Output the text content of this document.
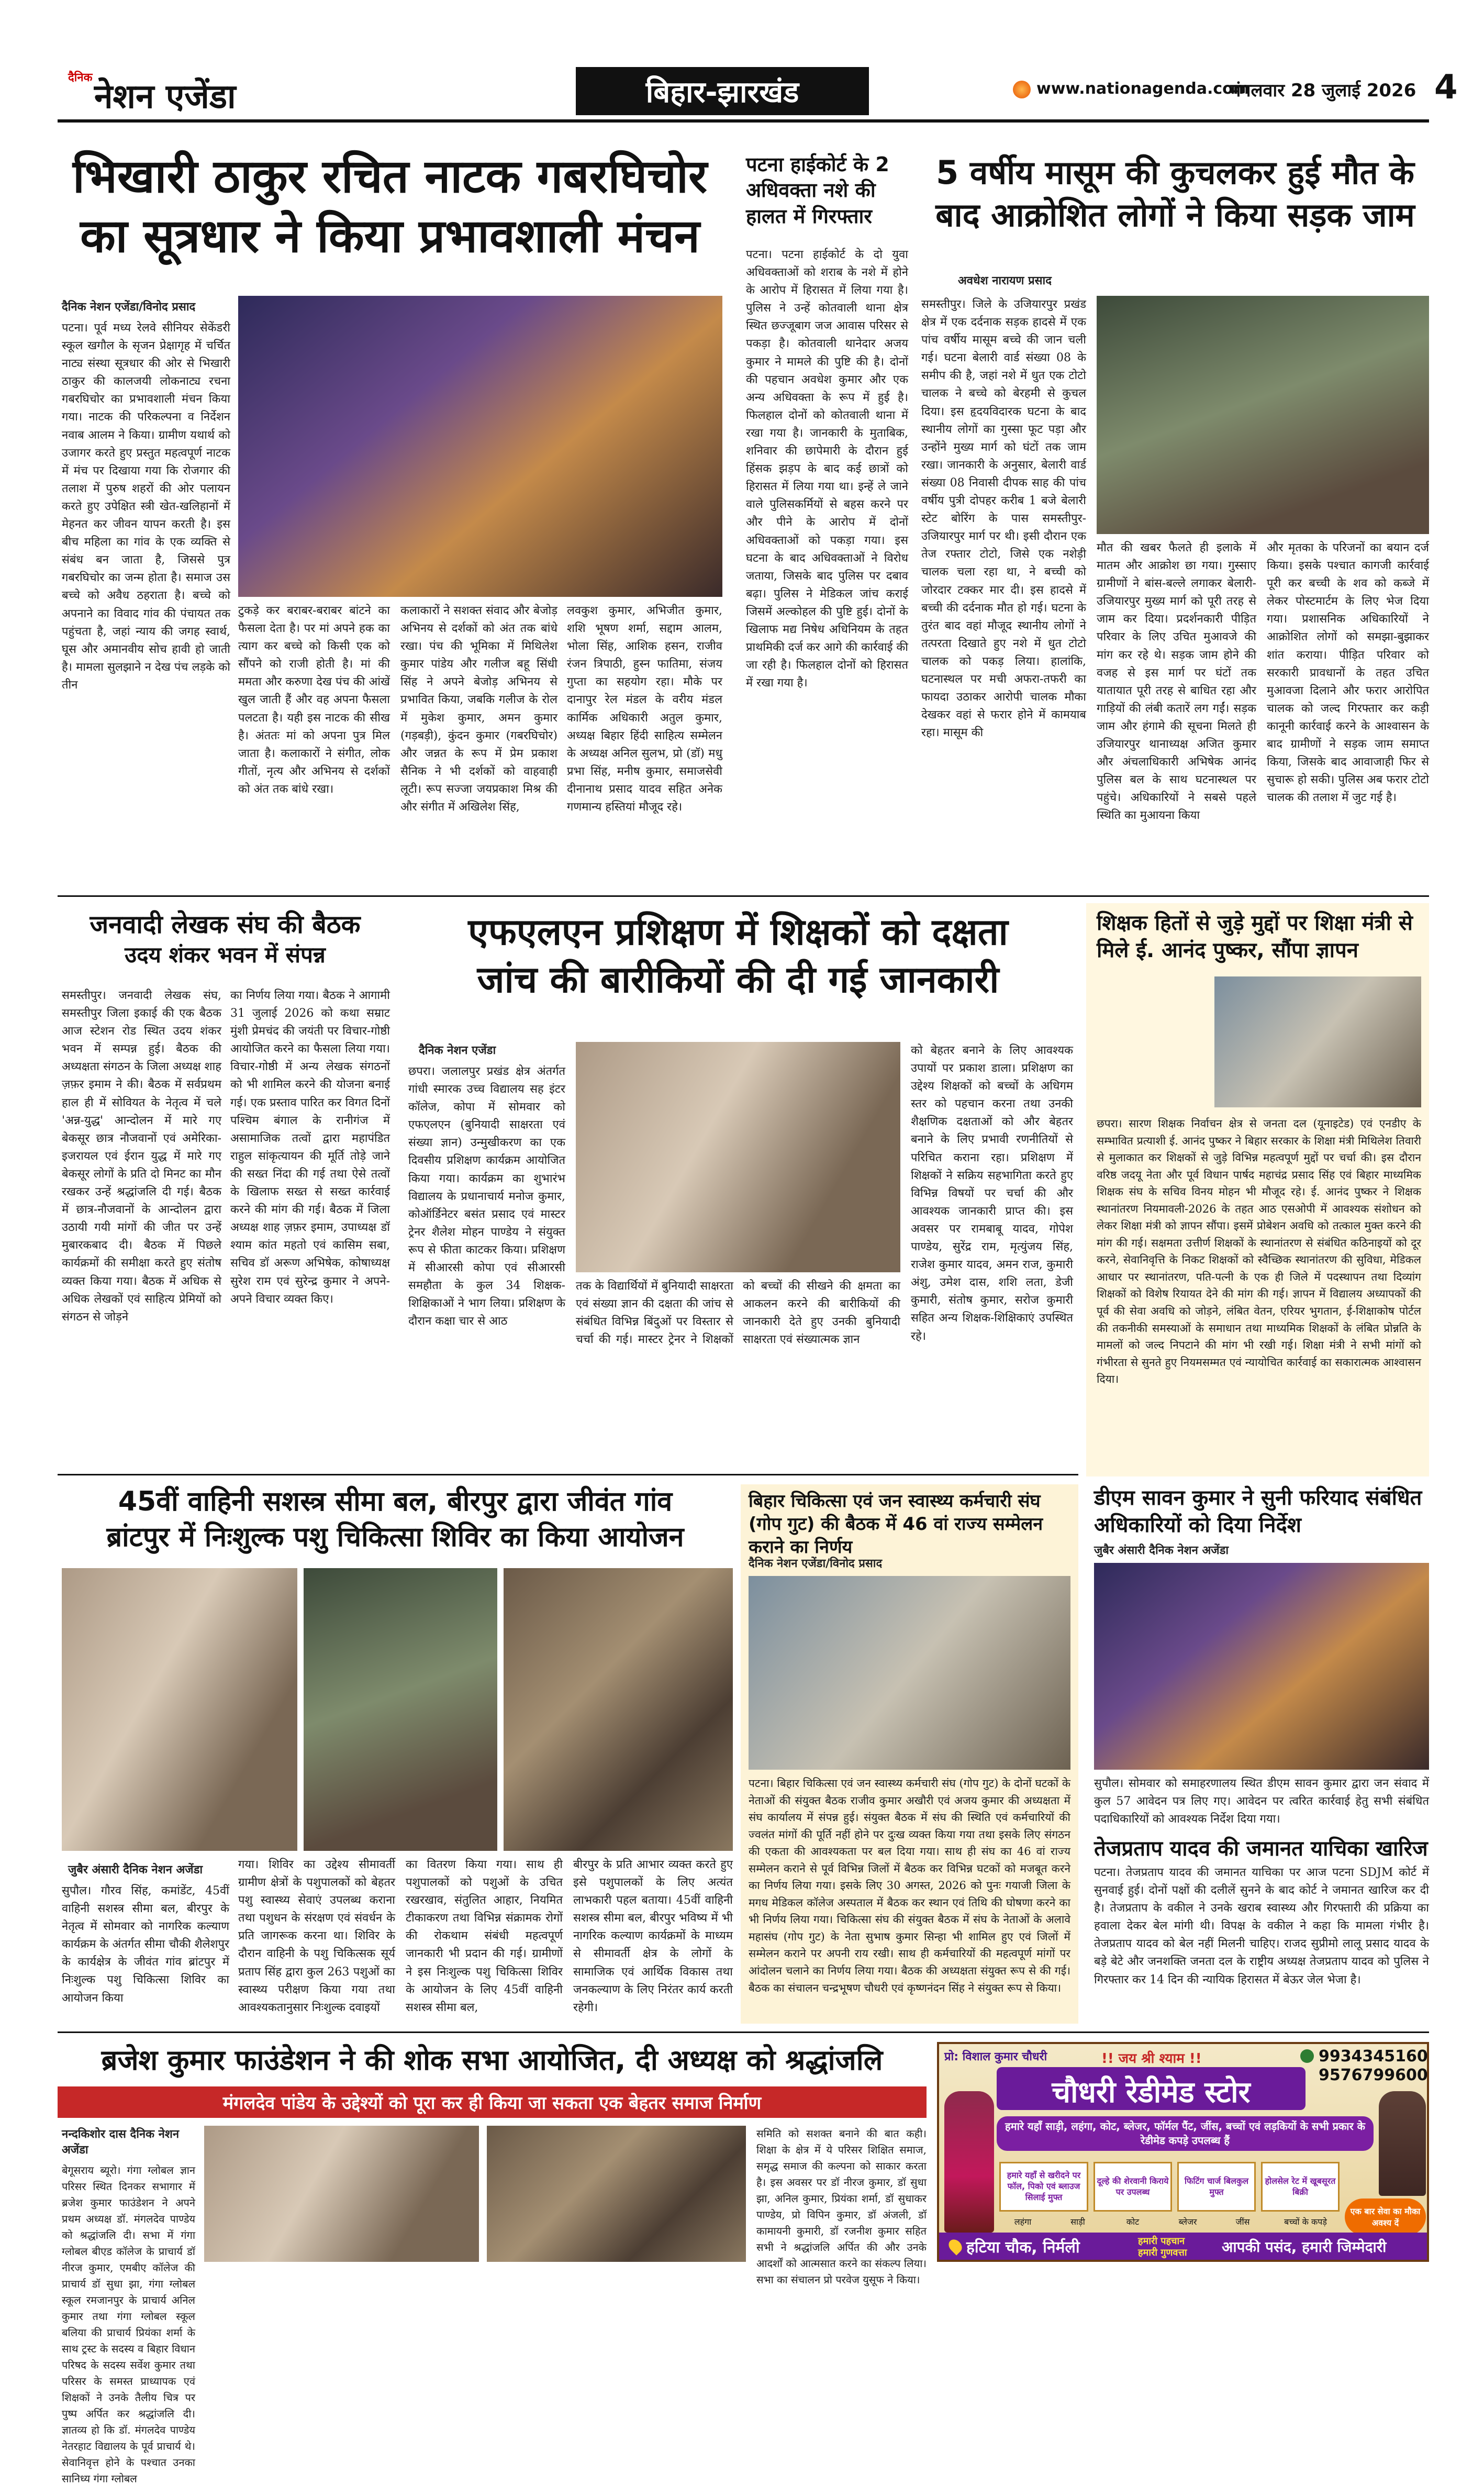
दैनिक नेशन एजेंडा	बिहार-झारखंड	www.nationagenda.com
मंगलवार 28 जुलाई 2026 4
भिखारी ठाकुर रचित नाटक गबरघिचोर
का सूत्रधार ने किया प्रभावशाली मंचन
दैनिक नेशन एजेंडा/विनोद प्रसाद
पटना। पूर्व मध्य रेलवे सीनियर सेकेंडरी स्कूल खगौल के सृजन प्रेक्षागृह में चर्चित नाट्य संस्था सूत्रधार की ओर से भिखारी ठाकुर की कालजयी लोकनाट्य रचना गबरघिचोर का प्रभावशाली मंचन किया गया। नाटक की परिकल्पना व निर्देशन नवाब आलम ने किया। ग्रामीण यथार्थ को उजागर करते हुए प्रस्तुत महत्वपूर्ण नाटक में मंच पर दिखाया गया कि रोजगार की तलाश में पुरुष शहरों की ओर पलायन करते हुए उपेक्षित स्त्री खेत-खलिहानों में मेहनत कर जीवन यापन करती है। इस बीच महिला का गांव के एक व्यक्ति से संबंध बन जाता है, जिससे पुत्र गबरघिचोर का जन्म होता है। समाज उस बच्चे को अवैध ठहराता है। बच्चे को अपनाने का विवाद गांव की पंचायत तक पहुंचता है, जहां न्याय की जगह स्वार्थ, घूस और अमानवीय सोच हावी हो जाती है। मामला सुलझाने न देख पंच लड़के को तीन
टुकड़े कर बराबर-बराबर बांटने का फैसला देता है। पर मां अपने हक का त्याग कर बच्चे को किसी एक को सौंपने को राजी होती है। मां की ममता और करुणा देख पंच की आंखें खुल जाती हैं और वह अपना फैसला पलटता है। यही इस नाटक की सीख है। अंततः मां को अपना पुत्र मिल जाता है। कलाकारों ने संगीत, लोक गीतों, नृत्य और अभिनय से दर्शकों को अंत तक बांधे रखा।
कलाकारों ने सशक्त संवाद और बेजोड़ अभिनय से दर्शकों को अंत तक बांधे रखा। पंच की भूमिका में मिथिलेश कुमार पांडेय और गलीज बहू सिंधी सिंह ने अपने बेजोड़ अभिनय से प्रभावित किया, जबकि गलीज के रोल में मुकेश कुमार, अमन कुमार (गड़बड़ी), कुंदन कुमार (गबरघिचोर) और जन्नत के रूप में प्रेम प्रकाश सैनिक ने भी दर्शकों को वाहवाही लूटी। रूप सज्जा जयप्रकाश मिश्र की और संगीत में अखिलेश सिंह,
लवकुश कुमार, अभिजीत कुमार, शशि भूषण शर्मा, सद्दाम आलम, भोला सिंह, आशिक हसन, राजीव रंजन त्रिपाठी, हुस्न फातिमा, संजय गुप्ता का सहयोग रहा। मौके पर दानापुर रेल मंडल के वरीय मंडल कार्मिक अधिकारी अतुल कुमार, अध्यक्ष बिहार हिंदी साहित्य सम्मेलन के अध्यक्ष अनिल सुलभ, प्रो (डॉ) मधु प्रभा सिंह, मनीष कुमार, समाजसेवी दीनानाथ प्रसाद यादव सहित अनेक गणमान्य हस्तियां मौजूद रहे।
पटना हाईकोर्ट के 2 अधिवक्ता नशे की हालत में गिरफ्तार
पटना। पटना हाईकोर्ट के दो युवा अधिवक्ताओं को शराब के नशे में होने के आरोप में हिरासत में लिया गया है। पुलिस ने उन्हें कोतवाली थाना क्षेत्र स्थित छज्जूबाग जज आवास परिसर से पकड़ा है। कोतवाली थानेदार अजय कुमार ने मामले की पुष्टि की है। दोनों की पहचान अवधेश कुमार और एक अन्य अधिवक्ता के रूप में हुई है। फिलहाल दोनों को कोतवाली थाना में रखा गया है। जानकारी के मुताबिक, शनिवार की छापेमारी के दौरान हुई हिंसक झड़प के बाद कई छात्रों को हिरासत में लिया गया था। इन्हें ले जाने वाले पुलिसकर्मियों से बहस करने पर और पीने के आरोप में दोनों अधिवक्ताओं को पकड़ा गया। इस घटना के बाद अधिवक्ताओं ने विरोध जताया, जिसके बाद पुलिस पर दबाव बढ़ा। पुलिस ने मेडिकल जांच कराई जिसमें अल्कोहल की पुष्टि हुई। दोनों के खिलाफ मद्य निषेध अधिनियम के तहत प्राथमिकी दर्ज कर आगे की कार्रवाई की जा रही है। फिलहाल दोनों को हिरासत में रखा गया है।
5 वर्षीय मासूम की कुचलकर हुई मौत के
बाद आक्रोशित लोगों ने किया सड़क जाम
अवधेश नारायण प्रसाद
समस्तीपुर। जिले के उजियारपुर प्रखंड क्षेत्र में एक दर्दनाक सड़क हादसे में एक पांच वर्षीय मासूम बच्चे की जान चली गई। घटना बेलारी वार्ड संख्या 08 के समीप की है, जहां नशे में धुत एक टोटो चालक ने बच्चे को बेरहमी से कुचल दिया। इस हृदयविदारक घटना के बाद स्थानीय लोगों का गुस्सा फूट पड़ा और उन्होंने मुख्य मार्ग को घंटों तक जाम रखा। जानकारी के अनुसार, बेलारी वार्ड संख्या 08 निवासी दीपक साह की पांच वर्षीय पुत्री दोपहर करीब 1 बजे बेलारी स्टेट बोरिंग के पास समस्तीपुर-उजियारपुर मार्ग पर थी। इसी दौरान एक तेज रफ्तार टोटो, जिसे एक नशेड़ी चालक चला रहा था, ने बच्ची को जोरदार टक्कर मार दी। इस हादसे में बच्ची की दर्दनाक मौत हो गई। घटना के तुरंत बाद वहां मौजूद स्थानीय लोगों ने तत्परता दिखाते हुए नशे में धुत टोटो चालक को पकड़ लिया। हालांकि, घटनास्थल पर मची अफरा-तफरी का फायदा उठाकर आरोपी चालक मौका देखकर वहां से फरार होने में कामयाब रहा। मासूम की
मौत की खबर फैलते ही इलाके में मातम और आक्रोश छा गया। गुस्साए ग्रामीणों ने बांस-बल्ले लगाकर बेलारी-उजियारपुर मुख्य मार्ग को पूरी तरह से जाम कर दिया। प्रदर्शनकारी पीड़ित परिवार के लिए उचित मुआवजे की मांग कर रहे थे। सड़क जाम होने की वजह से इस मार्ग पर घंटों तक यातायात पूरी तरह से बाधित रहा और गाड़ियों की लंबी कतारें लग गईं। सड़क जाम और हंगामे की सूचना मिलते ही उजियारपुर थानाध्यक्ष अजित कुमार और अंचलाधिकारी अभिषेक आनंद पुलिस बल के साथ घटनास्थल पर पहुंचे। अधिकारियों ने सबसे पहले स्थिति का मुआयना किया
और मृतका के परिजनों का बयान दर्ज किया। इसके पश्चात कागजी कार्रवाई पूरी कर बच्ची के शव को कब्जे में लेकर पोस्टमार्टम के लिए भेज दिया गया। प्रशासनिक अधिकारियों ने आक्रोशित लोगों को समझा-बुझाकर शांत कराया। पीड़ित परिवार को सरकारी प्रावधानों के तहत उचित मुआवजा दिलाने और फरार आरोपित चालक को जल्द गिरफ्तार कर कड़ी कानूनी कार्रवाई करने के आश्वासन के बाद ग्रामीणों ने सड़क जाम समाप्त किया, जिसके बाद आवाजाही फिर से सुचारू हो सकी। पुलिस अब फरार टोटो चालक की तलाश में जुट गई है।
जनवादी लेखक संघ की बैठक
उदय शंकर भवन में संपन्न
समस्तीपुर। जनवादी लेखक संघ, समस्तीपुर जिला इकाई की एक बैठक आज स्टेशन रोड स्थित उदय शंकर भवन में सम्पन्न हुई। बैठक की अध्यक्षता संगठन के जिला अध्यक्ष शाह ज़फ़र इमाम ने की। बैठक में सर्वप्रथम हाल ही में सोवियत के नेतृत्व में चले 'अन्न-युद्ध' आन्दोलन में मारे गए बेकसूर छात्र नौजवानों एवं अमेरिका-इजरायल एवं ईरान युद्ध में मारे गए बेकसूर लोगों के प्रति दो मिनट का मौन रखकर उन्हें श्रद्धांजलि दी गई। बैठक में छात्र-नौजवानों के आन्दोलन द्वारा उठायी गयी मांगों की जीत पर उन्हें मुबारकबाद दी। बैठक में पिछले कार्यक्रमों की समीक्षा करते हुए संतोष व्यक्त किया गया। बैठक में अधिक से अधिक लेखकों एवं साहित्य प्रेमियों को संगठन से जोड़ने
का निर्णय लिया गया। बैठक ने आगामी 31 जुलाई 2026 को कथा सम्राट मुंशी प्रेमचंद की जयंती पर विचार-गोष्ठी आयोजित करने का फैसला लिया गया। विचार-गोष्ठी में अन्य लेखक संगठनों को भी शामिल करने की योजना बनाई गई। एक प्रस्ताव पारित कर विगत दिनों पश्चिम बंगाल के रानीगंज में असामाजिक तत्वों द्वारा महापंडित राहुल सांकृत्यायन की मूर्ति तोड़े जाने की सख्त निंदा की गई तथा ऐसे तत्वों के खिलाफ सख्त से सख्त कार्रवाई करने की मांग की गई। बैठक में जिला अध्यक्ष शाह ज़फ़र इमाम, उपाध्यक्ष डॉ श्याम कांत महतो एवं कासिम सबा, सचिव डॉ अरूण अभिषेक, कोषाध्यक्ष सुरेश राम एवं सुरेन्द्र कुमार ने अपने-अपने विचार व्यक्त किए।
एफएलएन प्रशिक्षण में शिक्षकों को दक्षता
जांच की बारीकियों की दी गई जानकारी
दैनिक नेशन एजेंडा
छपरा। जलालपुर प्रखंड क्षेत्र अंतर्गत गांधी स्मारक उच्च विद्यालय सह इंटर कॉलेज, कोपा में सोमवार को एफएलएन (बुनियादी साक्षरता एवं संख्या ज्ञान) उन्मुखीकरण का एक दिवसीय प्रशिक्षण कार्यक्रम आयोजित किया गया। कार्यक्रम का शुभारंभ विद्यालय के प्रधानाचार्य मनोज कुमार, कोऑर्डिनेटर बसंत प्रसाद एवं मास्टर ट्रेनर शैलेश मोहन पाण्डेय ने संयुक्त रूप से फीता काटकर किया। प्रशिक्षण में सीआरसी कोपा एवं सीआरसी समहौता के कुल 34 शिक्षक-शिक्षिकाओं ने भाग लिया। प्रशिक्षण के दौरान कक्षा चार से आठ
तक के विद्यार्थियों में बुनियादी साक्षरता एवं संख्या ज्ञान की दक्षता की जांच से संबंधित विभिन्न बिंदुओं पर विस्तार से चर्चा की गई। मास्टर ट्रेनर ने शिक्षकों को बच्चों की सीखने की क्षमता का आकलन करने की बारीकियों की जानकारी देते हुए उनकी बुनियादी साक्षरता एवं संख्यात्मक ज्ञान
को बेहतर बनाने के लिए आवश्यक उपायों पर प्रकाश डाला। प्रशिक्षण का उद्देश्य शिक्षकों को बच्चों के अधिगम स्तर को पहचान करना तथा उनकी शैक्षणिक दक्षताओं को और बेहतर बनाने के लिए प्रभावी रणनीतियों से परिचित कराना रहा। प्रशिक्षण में शिक्षकों ने सक्रिय सहभागिता करते हुए विभिन्न विषयों पर चर्चा की और आवश्यक जानकारी प्राप्त की। इस अवसर पर रामबाबू यादव, गोपेश पाण्डेय, सुरेंद्र राम, मृत्युंजय सिंह, राजेश कुमार यादव, अमन राज, कुमारी अंशु, उमेश दास, शशि लता, डेजी कुमारी, संतोष कुमार, सरोज कुमारी सहित अन्य शिक्षक-शिक्षिकाएं उपस्थित रहे।
शिक्षक हितों से जुड़े मुद्दों पर शिक्षा मंत्री से मिले ई. आनंद पुष्कर, सौंपा ज्ञापन
छपरा। सारण शिक्षक निर्वाचन क्षेत्र से जनता दल (यूनाइटेड) एवं एनडीए के सम्भावित प्रत्याशी ई. आनंद पुष्कर ने बिहार सरकार के शिक्षा मंत्री मिथिलेश तिवारी से मुलाकात कर शिक्षकों से जुड़े विभिन्न महत्वपूर्ण मुद्दों पर चर्चा की। इस दौरान वरिष्ठ जदयू नेता और पूर्व विधान पार्षद महाचंद्र प्रसाद सिंह एवं बिहार माध्यमिक शिक्षक संघ के सचिव विनय मोहन भी मौजूद रहे। ई. आनंद पुष्कर ने शिक्षक स्थानांतरण नियमावली-2026 के तहत आठ एसओपी में आवश्यक संशोधन को लेकर शिक्षा मंत्री को ज्ञापन सौंपा। इसमें प्रोबेशन अवधि को तत्काल मुक्त करने की मांग की गई। सक्षमता उत्तीर्ण शिक्षकों के स्थानांतरण से संबंधित कठिनाइयों को दूर करने, सेवानिवृत्ति के निकट शिक्षकों को स्वैच्छिक स्थानांतरण की सुविधा, मेडिकल आधार पर स्थानांतरण, पति-पत्नी के एक ही जिले में पदस्थापन तथा दिव्यांग शिक्षकों को विशेष रियायत देने की मांग की गई। ज्ञापन में विद्यालय अध्यापकों की पूर्व की सेवा अवधि को जोड़ने, लंबित वेतन, एरियर भुगतान, ई-शिक्षाकोष पोर्टल की तकनीकी समस्याओं के समाधान तथा माध्यमिक शिक्षकों के लंबित प्रोन्नति के मामलों को जल्द निपटाने की मांग भी रखी गई। शिक्षा मंत्री ने सभी मांगों को गंभीरता से सुनते हुए नियमसम्मत एवं न्यायोचित कार्रवाई का सकारात्मक आश्वासन दिया।
45वीं वाहिनी सशस्त्र सीमा बल, बीरपुर द्वारा जीवंत गांव
ब्रांटपुर में निःशुल्क पशु चिकित्सा शिविर का किया आयोजन
जुबैर अंसारी दैनिक नेशन अजेंडा
सुपौल। गौरव सिंह, कमांडेंट, 45वीं वाहिनी सशस्त्र सीमा बल, बीरपुर के नेतृत्व में सोमवार को नागरिक कल्याण कार्यक्रम के अंतर्गत सीमा चौकी शैलेशपुर के कार्यक्षेत्र के जीवंत गांव ब्रांटपुर में निःशुल्क पशु चिकित्सा शिविर का आयोजन किया
गया। शिविर का उद्देश्य सीमावर्ती ग्रामीण क्षेत्रों के पशुपालकों को बेहतर पशु स्वास्थ्य सेवाएं उपलब्ध कराना तथा पशुधन के संरक्षण एवं संवर्धन के प्रति जागरूक करना था। शिविर के दौरान वाहिनी के पशु चिकित्सक सूर्य प्रताप सिंह द्वारा कुल 263 पशुओं का स्वास्थ्य परीक्षण किया गया तथा आवश्यकतानुसार निःशुल्क दवाइयों
का वितरण किया गया। साथ ही पशुपालकों को पशुओं के उचित रखरखाव, संतुलित आहार, नियमित टीकाकरण तथा विभिन्न संक्रामक रोगों की रोकथाम संबंधी महत्वपूर्ण जानकारी भी प्रदान की गई। ग्रामीणों ने इस निःशुल्क पशु चिकित्सा शिविर के आयोजन के लिए 45वीं वाहिनी सशस्त्र सीमा बल,
बीरपुर के प्रति आभार व्यक्त करते हुए इसे पशुपालकों के लिए अत्यंत लाभकारी पहल बताया। 45वीं वाहिनी सशस्त्र सीमा बल, बीरपुर भविष्य में भी नागरिक कल्याण कार्यक्रमों के माध्यम से सीमावर्ती क्षेत्र के लोगों के सामाजिक एवं आर्थिक विकास तथा जनकल्याण के लिए निरंतर कार्य करती रहेगी।
बिहार चिकित्सा एवं जन स्वास्थ्य कर्मचारी संघ (गोप गुट) की बैठक में 46 वां राज्य सम्मेलन कराने का निर्णय
दैनिक नेशन एजेंडा/विनोद प्रसाद
पटना। बिहार चिकित्सा एवं जन स्वास्थ्य कर्मचारी संघ (गोप गुट) के दोनों घटकों के नेताओं की संयुक्त बैठक राजीव कुमार अखौरी एवं अजय कुमार की अध्यक्षता में संघ कार्यालय में संपन्न हुई। संयुक्त बैठक में संघ की स्थिति एवं कर्मचारियों की ज्वलंत मांगों की पूर्ति नहीं होने पर दुःख व्यक्त किया गया तथा इसके लिए संगठन की एकता की आवश्यकता पर बल दिया गया। साथ ही संघ का 46 वां राज्य सम्मेलन कराने से पूर्व विभिन्न जिलों में बैठक कर विभिन्न घटकों को मजबूत करने का निर्णय लिया गया। इसके लिए 30 अगस्त, 2026 को पुनः गयाजी जिला के मगध मेडिकल कॉलेज अस्पताल में बैठक कर स्थान एवं तिथि की घोषणा करने का भी निर्णय लिया गया। चिकित्सा संघ की संयुक्त बैठक में संघ के नेताओं के अलावे महासंघ (गोप गुट) के नेता सुभाष कुमार सिन्हा भी शामिल हुए एवं जिलों में सम्मेलन कराने पर अपनी राय रखी। साथ ही कर्मचारियों की महत्वपूर्ण मांगों पर आंदोलन चलाने का निर्णय लिया गया। बैठक की अध्यक्षता संयुक्त रूप से की गई। बैठक का संचालन चन्द्रभूषण चौधरी एवं कृष्णनंदन सिंह ने संयुक्त रूप से किया।
डीएम सावन कुमार ने सुनी फरियाद संबंधित अधिकारियों को दिया निर्देश
जुबैर अंसारी दैनिक नेशन अजेंडा
सुपौल। सोमवार को समाहरणालय स्थित डीएम सावन कुमार द्वारा जन संवाद में कुल 57 आवेदन पत्र लिए गए। आवेदन पर त्वरित कार्रवाई हेतु सभी संबंधित पदाधिकारियों को आवश्यक निर्देश दिया गया।
तेजप्रताप यादव की जमानत याचिका खारिज
पटना। तेजप्रताप यादव की जमानत याचिका पर आज पटना SDJM कोर्ट में सुनवाई हुई। दोनों पक्षों की दलीलें सुनने के बाद कोर्ट ने जमानत खारिज कर दी है। तेजप्रताप के वकील ने उनके खराब स्वास्थ्य और गिरफ्तारी की प्रक्रिया का हवाला देकर बेल मांगी थी। विपक्ष के वकील ने कहा कि मामला गंभीर है। तेजप्रताप यादव को बेल नहीं मिलनी चाहिए। राजद सुप्रीमो लालू प्रसाद यादव के बड़े बेटे और जनशक्ति जनता दल के राष्ट्रीय अध्यक्ष तेजप्रताप यादव को पुलिस ने गिरफ्तार कर 14 दिन की न्यायिक हिरासत में बेऊर जेल भेजा है।
ब्रजेश कुमार फाउंडेशन ने की शोक सभा आयोजित, दी अध्यक्ष को श्रद्धांजलि
मंगलदेव पांडेय के उद्देश्यों को पूरा कर ही किया जा सकता एक बेहतर समाज निर्माण
नन्दकिशोर दास दैनिक नेशन अजेंडा
बेगूसराय ब्यूरो। गंगा ग्लोबल ज्ञान परिसर स्थित दिनकर सभागार में ब्रजेश कुमार फाउंडेशन ने अपने प्रथम अध्यक्ष डॉ. मंगलदेव पाण्डेय को श्रद्धांजलि दी। सभा में गंगा ग्लोबल बीएड कॉलेज के प्राचार्य डॉ नीरज कुमार, एमबीए कॉलेज की प्राचार्य डॉ सुधा झा, गंगा ग्लोबल स्कूल रमजानपुर के प्राचार्य अनिल कुमार तथा गंगा ग्लोबल स्कूल बलिया की प्राचार्य प्रियंका शर्मा के साथ ट्रस्ट के सदस्य व बिहार विधान परिषद के सदस्य सर्वेश कुमार तथा परिसर के समस्त प्राध्यापक एवं शिक्षकों ने उनके तैलीय चित्र पर पुष्प अर्पित कर श्रद्धांजलि दी। ज्ञातव्य हो कि डॉ. मंगलदेव पाण्डेय नेतरहाट विद्यालय के पूर्व प्राचार्य थे। सेवानिवृत्त होने के पश्चात उनका सानिध्य गंगा ग्लोबल
समिति को सशक्त बनाने की बात कही। शिक्षा के क्षेत्र में ये परिसर शिक्षित समाज, समृद्ध समाज की कल्पना को साकार करता है। इस अवसर पर डॉ नीरज कुमार, डॉ सुधा झा, अनिल कुमार, प्रियंका शर्मा, डॉ सुधाकर पाण्डेय, प्रो विपिन कुमार, डॉ अंजली, डॉ कामायनी कुमारी, डॉ रजनीश कुमार सहित सभी ने श्रद्धांजलि अर्पित की और उनके आदर्शों को आत्मसात करने का संकल्प लिया। सभा का संचालन प्रो परवेज युसूफ ने किया।
प्रो: विशाल कुमार चौधरी	!! जय श्री श्याम !!	9934345160
9576799600
चौधरी रेडीमेड स्टोर
हमारे यहाँ साड़ी, लहंगा, कोट, ब्लेजर, फॉर्मल पैंट, जींस, बच्चों एवं लड़कियों के सभी प्रकार के रेडीमेड कपड़े उपलब्ध हैं
हमारे यहाँ से खरीदने पर फॉल, पिको एवं ब्लाउज सिलाई मुफ्त
दूल्हे की शेरवानी किराये पर उपलब्ध
फिटिंग चार्ज बिलकुल मुफ्त
होलसेल रेट में खूबसूरत बिक्री
एक बार सेवा का मौका अवश्य दें
लहंगा	साड़ी	कोट	ब्लेजर	जींस	बच्चों के कपड़े
हटिया चौक, निर्मली	हमारी पहचान
हमारी गुणवत्ता आपकी पसंद, हमारी जिम्मेदारी
